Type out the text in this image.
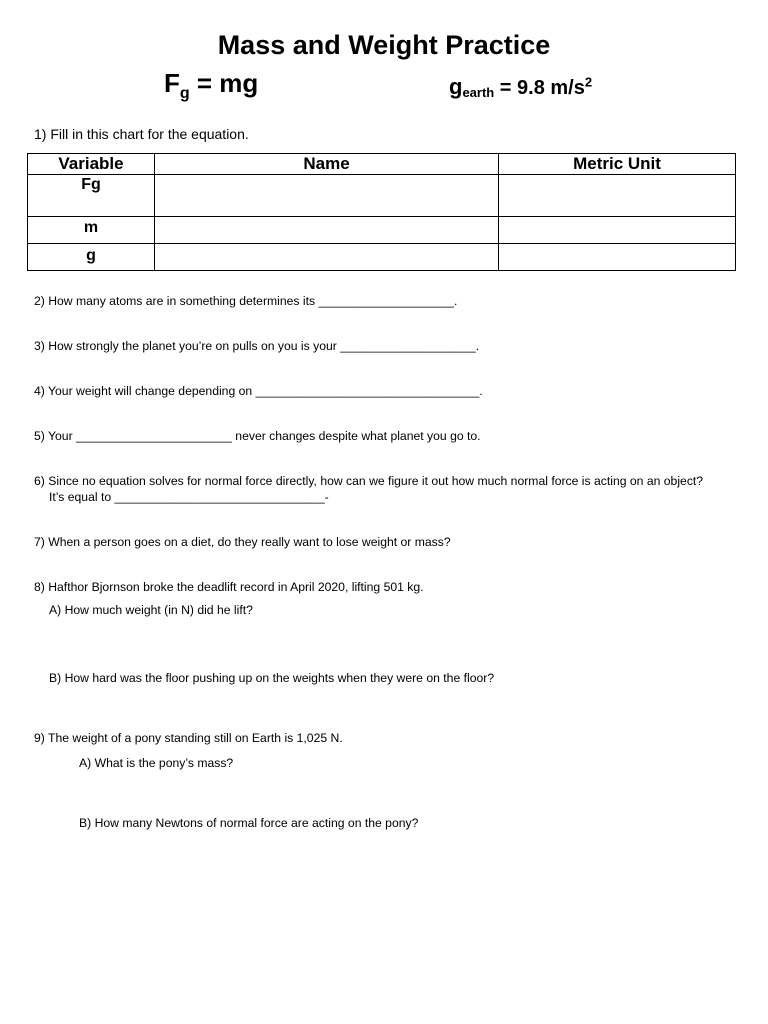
Mass and Weight Practice
$F_g$ = mg	gearth = 9.8 $m/s^2$
1) Fill in this chart for the equation.
Variable	Name	Metric Unit
Fg		
m		
g		
2) How many atoms are in something determines its ____________________.
3) How strongly the planet you’re on pulls on you is your ____________________.
4) Your weight will change depending on _________________________________.
5) Your _______________________ never changes despite what planet you go to.
6) Since no equation solves for normal force directly, how can we figure it out how much normal force is acting on an object?
It’s equal to _______________________________-
7) When a person goes on a diet, do they really want to lose weight or mass?
8) Hafthor Bjornson broke the deadlift record in April 2020, lifting 501 kg.
A) How much weight (in N) did he lift?
B) How hard was the floor pushing up on the weights when they were on the floor?
9) The weight of a pony standing still on Earth is 1,025 N.
A) What is the pony’s mass?
B) How many Newtons of normal force are acting on the pony?
